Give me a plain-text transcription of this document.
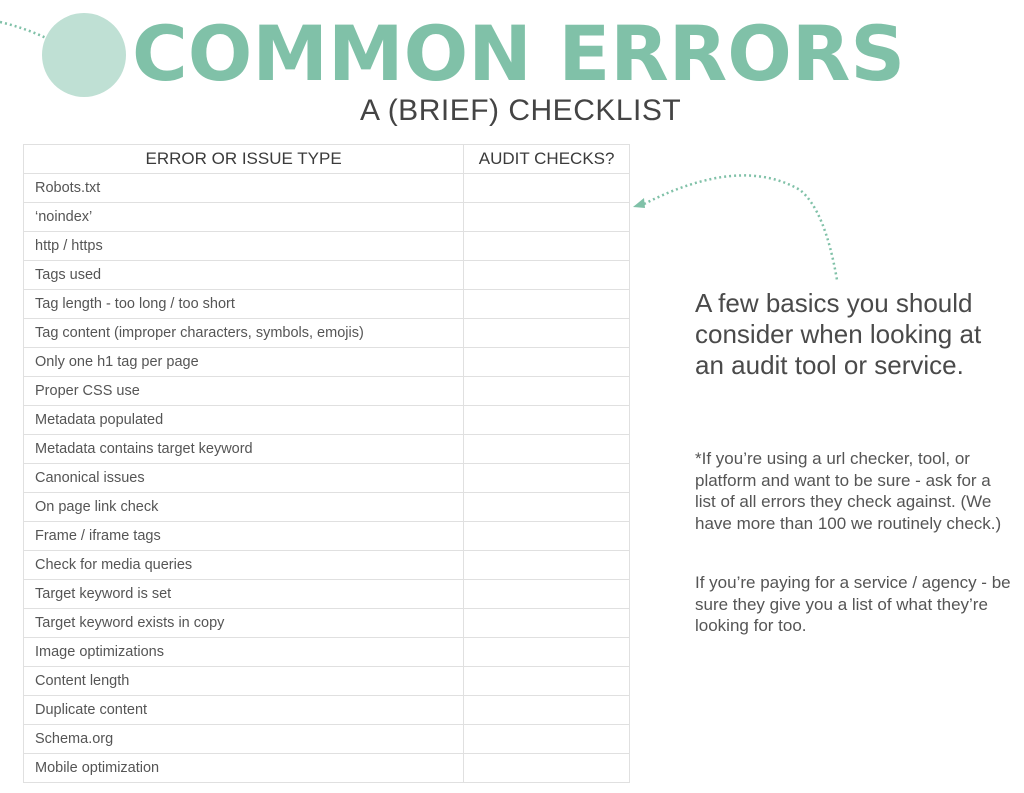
COMMON ERRORS
A (BRIEF) CHECKLIST
ERROR OR ISSUE TYPE	AUDIT CHECKS?
Robots.txt	
‘noindex’	
http / https	
Tags used	
Tag length - too long / too short	
Tag content (improper characters, symbols, emojis)	
Only one h1 tag per page	
Proper CSS use	
Metadata populated	
Metadata contains target keyword	
Canonical issues	
On page link check	
Frame / iframe tags	
Check for media queries	
Target keyword is set	
Target keyword exists in copy	
Image optimizations	
Content length	
Duplicate content	
Schema.org	
Mobile optimization	
A few basics you should consider when looking at an audit tool or service.
*If you’re using a url checker, tool, or platform and want to be sure - ask for a list of all errors they check against. (We have more than 100 we routinely check.)
If you’re paying for a service / agency - be sure they give you a list of what they’re looking for too.
